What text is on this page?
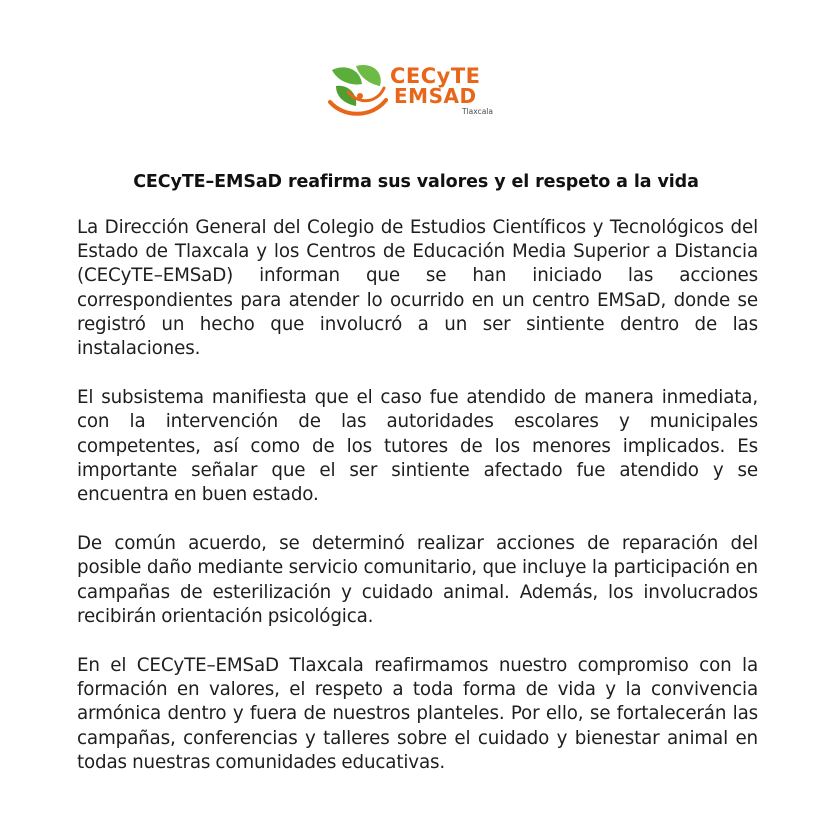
CECyTE
EMSAD
Tlaxcala
CECyTE–EMSaD reafirma sus valores y el respeto a la vida

La Dirección General del Colegio de Estudios Científicos y Tecnológicos del Estado de Tlaxcala y los Centros de Educación Media Superior a Distancia (CECyTE–EMSaD) informan que se han iniciado las acciones correspondientes para atender lo ocurrido en un centro EMSaD, donde se registró un hecho que involucró a un ser sintiente dentro de las instalaciones.

El subsistema manifiesta que el caso fue atendido de manera inmediata, con la intervención de las autoridades escolares y municipales competentes, así como de los tutores de los menores implicados. Es importante señalar que el ser sintiente afectado fue atendido y se encuentra en buen estado.

De común acuerdo, se determinó realizar acciones de reparación del posible daño mediante servicio comunitario, que incluye la participación en campañas de esterilización y cuidado animal. Además, los involucrados recibirán orientación psicológica.

En el CECyTE–EMSaD Tlaxcala reafirmamos nuestro compromiso con la formación en valores, el respeto a toda forma de vida y la convivencia armónica dentro y fuera de nuestros planteles. Por ello, se fortalecerán las campañas, conferencias y talleres sobre el cuidado y bienestar animal en todas nuestras comunidades educativas.
